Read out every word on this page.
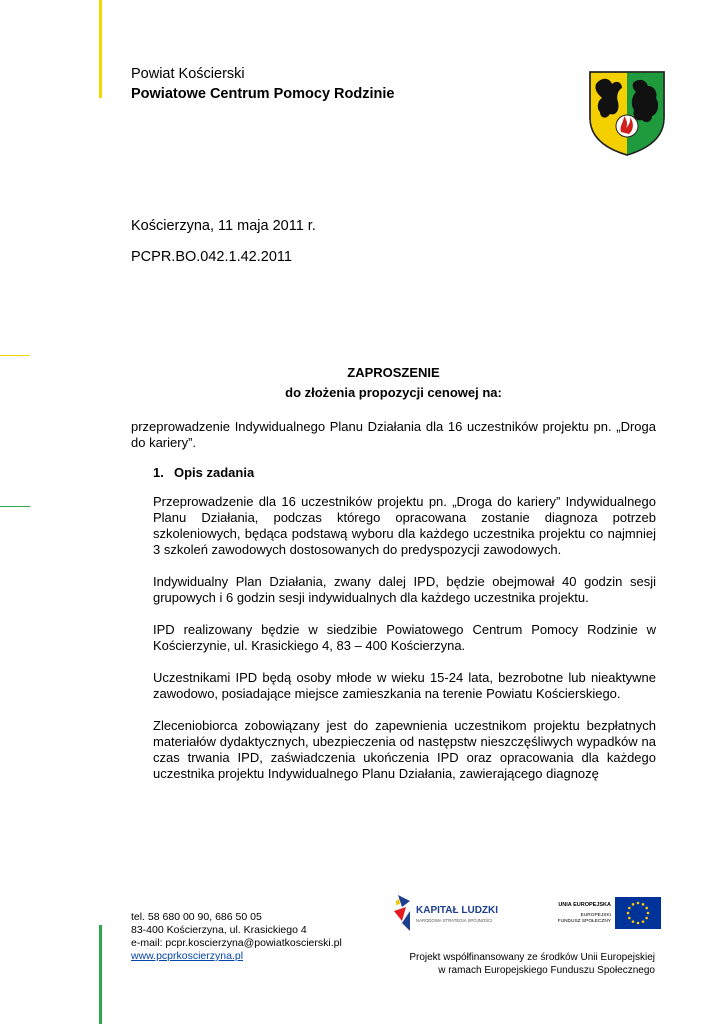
Powiat Kościerski
Powiatowe Centrum Pomocy Rodzinie
Kościerzyna, 11 maja 2011 r.
PCPR.BO.042.1.42.2011
ZAPROSZENIE
do złożenia propozycji cenowej na:
przeprowadzenie Indywidualnego Planu Działania dla 16 uczestników projektu pn. „Droga do kariery”.
1. Opis zadania

Przeprowadzenie dla 16 uczestników projektu pn. „Droga do kariery” Indywidualnego Planu Działania, podczas którego opracowana zostanie diagnoza potrzeb szkoleniowych, będąca podstawą wyboru dla każdego uczestnika projektu co najmniej 3 szkoleń zawodowych dostosowanych do predyspozycji zawodowych.

Indywidualny Plan Działania, zwany dalej IPD, będzie obejmował 40 godzin sesji grupowych i 6 godzin sesji indywidualnych dla każdego uczestnika projektu.

IPD realizowany będzie w siedzibie Powiatowego Centrum Pomocy Rodzinie w Kościerzynie, ul. Krasickiego 4, 83 – 400 Kościerzyna.

Uczestnikami IPD będą osoby młode w wieku 15-24 lata, bezrobotne lub nieaktywne zawodowo, posiadające miejsce zamieszkania na terenie Powiatu Kościerskiego.

Zleceniobiorca zobowiązany jest do zapewnienia uczestnikom projektu bezpłatnych materiałów dydaktycznych, ubezpieczenia od następstw nieszczęśliwych wypadków na czas trwania IPD, zaświadczenia ukończenia IPD oraz opracowania dla każdego uczestnika projektu Indywidualnego Planu Działania, zawierającego diagnozę

tel. 58 680 00 90, 686 50 05
83-400 Kościerzyna, ul. Krasickiego 4
e-mail: pcpr.koscierzyna@powiatkoscierski.pl
www.pcprkoscierzyna.pl
KAPITAŁ LUDZKI
NARODOWA STRATEGIA SPÓJNOŚCI
UNIA EUROPEJSKA
EUROPEJSKI
FUNDUSZ SPOŁECZNY
Projekt współfinansowany ze środków Unii Europejskiej
w ramach Europejskiego Funduszu Społecznego
